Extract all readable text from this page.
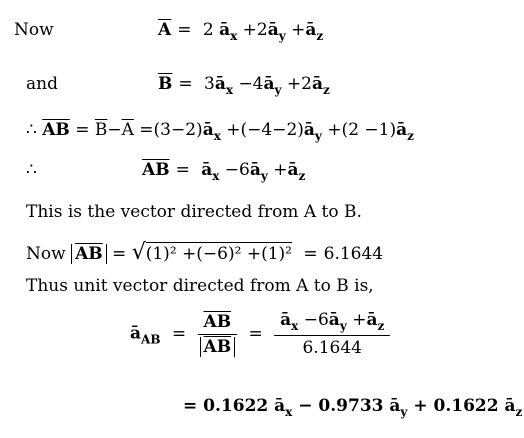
Now	$\overline{A} = 2$ $ā_x$ $+2ā_y$ $+ā_z$
and	$\overline{B}$ = $3ā_x$ $-4ā_y$ $+2ā_z$
∴ $\overline{AB} = \overline{B}-\overline{A}$ $=(3-2)ā_x$ $+(-4-2)ā_y +(2$ $-1)ā_z$
∴	$\overline{AB}$ = $ā_x$ $-6ā_y$ $+ā_z$
This is the vector directed from A to B.
Now $\overline{AB} = √(1)^2 +(-6)^2 +(1)^2 = 6.1644$
Thus unit vector directed from A to B is,
$ā_{AB} = \frac{\overline{AB}}{AB} = \frac{ā_x -6ā_y +ā_z}{6.1644}$
= 0.1622 $ā_x - 0.9733$ $ā_y + 0.1622$ $ā_z$
